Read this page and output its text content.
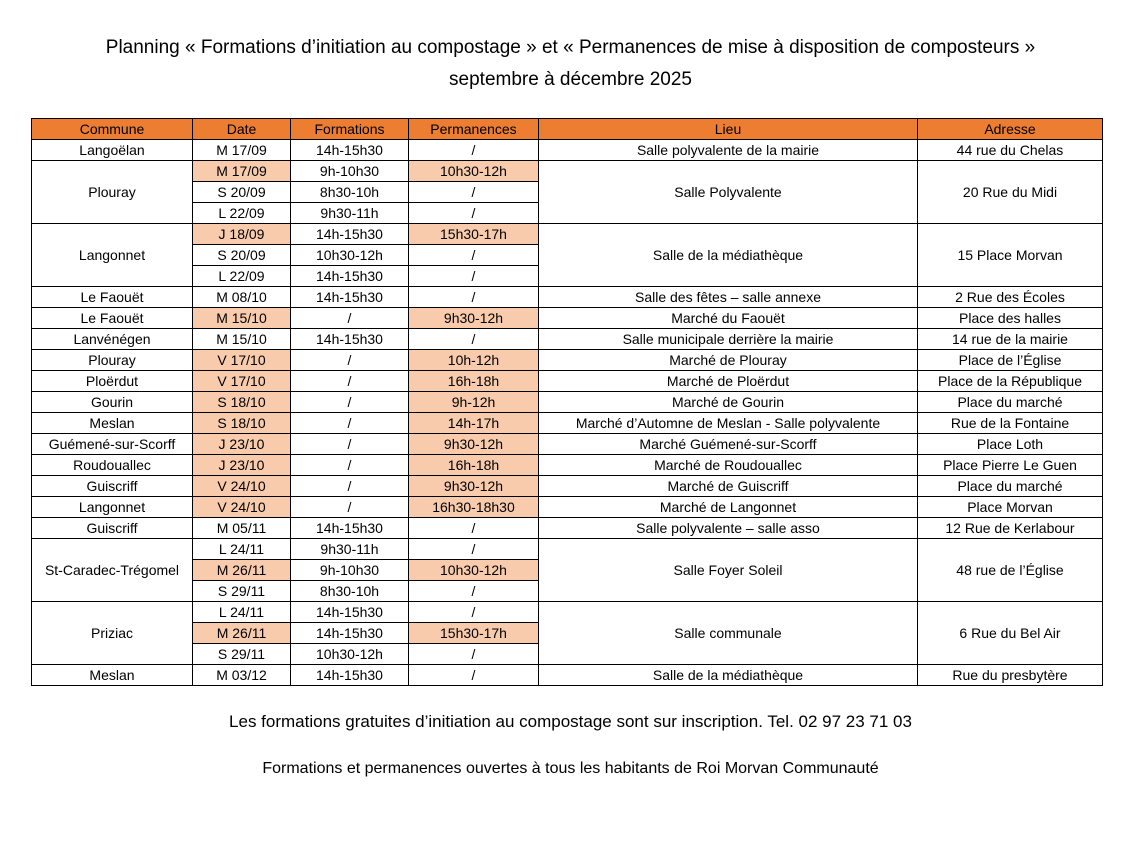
Planning « Formations d’initiation au compostage » et « Permanences de mise à disposition de composteurs »
septembre à décembre 2025
Commune	Date	Formations	Permanences	Lieu	Adresse
Langoëlan	M 17/09	14h-15h30	/	Salle polyvalente de la mairie	44 rue du Chelas
Plouray	M 17/09	9h-10h30	10h30-12h	Salle Polyvalente	20 Rue du Midi
	S 20/09	8h30-10h	/		
	L 22/09	9h30-11h	/		
Langonnet	J 18/09	14h-15h30	15h30-17h	Salle de la médiathèque	15 Place Morvan
	S 20/09	10h30-12h	/		
	L 22/09	14h-15h30	/		
Le Faouët	M 08/10	14h-15h30	/	Salle des fêtes – salle annexe	2 Rue des Écoles
Le Faouët	M 15/10	/	9h30-12h	Marché du Faouët	Place des halles
Lanvénégen	M 15/10	14h-15h30	/	Salle municipale derrière la mairie	14 rue de la mairie
Plouray	V 17/10	/	10h-12h	Marché de Plouray	Place de l’Église
Ploërdut	V 17/10	/	16h-18h	Marché de Ploërdut	Place de la République
Gourin	S 18/10	/	9h-12h	Marché de Gourin	Place du marché
Meslan	S 18/10	/	14h-17h	Marché d’Automne de Meslan - Salle polyvalente	Rue de la Fontaine
Guémené-sur-Scorff	J 23/10	/	9h30-12h	Marché Guémené-sur-Scorff	Place Loth
Roudouallec	J 23/10	/	16h-18h	Marché de Roudouallec	Place Pierre Le Guen
Guiscriff	V 24/10	/	9h30-12h	Marché de Guiscriff	Place du marché
Langonnet	V 24/10	/	16h30-18h30	Marché de Langonnet	Place Morvan
Guiscriff	M 05/11	14h-15h30	/	Salle polyvalente – salle asso	12 Rue de Kerlabour
St-Caradec-Trégomel	L 24/11	9h30-11h	/	Salle Foyer Soleil	48 rue de l’Église
	M 26/11	9h-10h30	10h30-12h		
	S 29/11	8h30-10h	/		
Priziac	L 24/11	14h-15h30	/	Salle communale	6 Rue du Bel Air
	M 26/11	14h-15h30	15h30-17h		
	S 29/11	10h30-12h	/		
Meslan	M 03/12	14h-15h30	/	Salle de la médiathèque	Rue du presbytère
Les formations gratuites d’initiation au compostage sont sur inscription. Tel. 02 97 23 71 03
Formations et permanences ouvertes à tous les habitants de Roi Morvan Communauté
